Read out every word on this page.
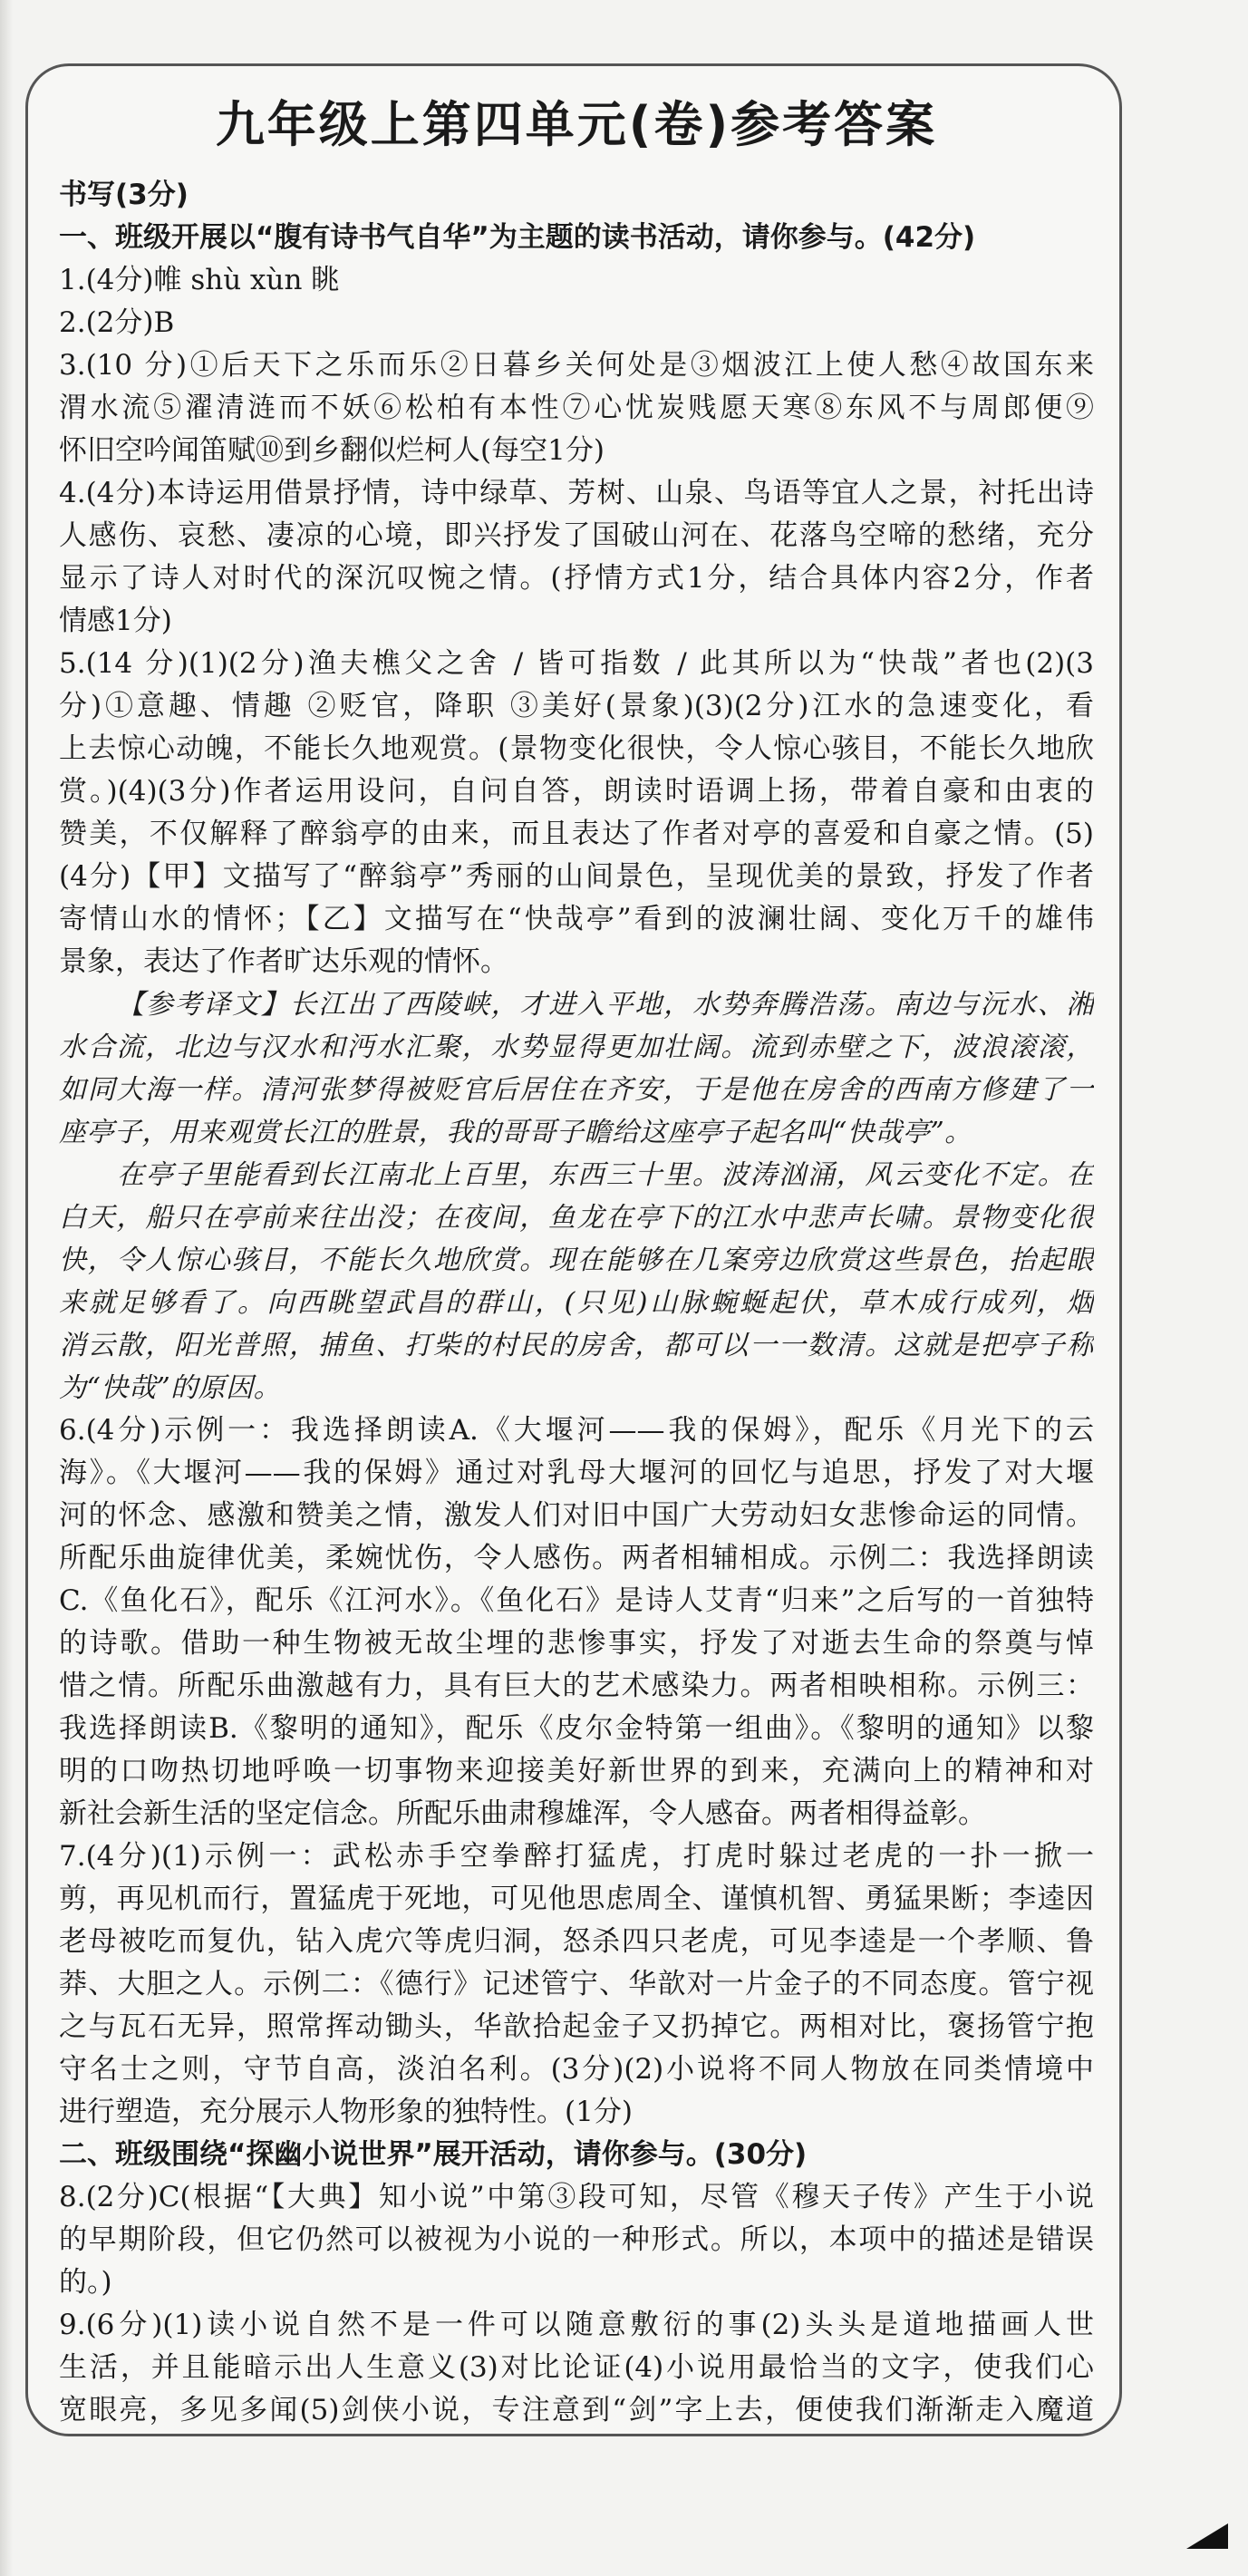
九年级上第四单元(卷)参考答案
书写(3分)
一、班级开展以“腹有诗书气自华”为主题的读书活动，请你参与。(42分)
1.(4分)帷 shù xùn 眺
2.(2分)B
3.(10 分)①后天下之乐而乐②日暮乡关何处是③烟波江上使人愁④故国东来
渭水流⑤濯清涟而不妖⑥松柏有本性⑦心忧炭贱愿天寒⑧东风不与周郎便⑨
怀旧空吟闻笛赋⑩到乡翻似烂柯人(每空1分)
4.(4分)本诗运用借景抒情，诗中绿草、芳树、山泉、鸟语等宜人之景，衬托出诗
人感伤、哀愁、凄凉的心境，即兴抒发了国破山河在、花落鸟空啼的愁绪，充分
显示了诗人对时代的深沉叹惋之情。(抒情方式1分，结合具体内容2分，作者
情感1分)
5.(14 分)(1)(2分)渔夫樵父之舍 / 皆可指数 / 此其所以为“快哉”者也(2)(3
分)①意趣、情趣 ②贬官，降职 ③美好(景象)(3)(2分)江水的急速变化，看
上去惊心动魄，不能长久地观赏。(景物变化很快，令人惊心骇目，不能长久地欣
赏。)(4)(3分)作者运用设问，自问自答，朗读时语调上扬，带着自豪和由衷的
赞美，不仅解释了醉翁亭的由来，而且表达了作者对亭的喜爱和自豪之情。(5)
(4分)【甲】文描写了“醉翁亭”秀丽的山间景色，呈现优美的景致，抒发了作者
寄情山水的情怀；【乙】文描写在“快哉亭”看到的波澜壮阔、变化万千的雄伟
景象，表达了作者旷达乐观的情怀。
【参考译文】长江出了西陵峡，才进入平地，水势奔腾浩荡。南边与沅水、湘
水合流，北边与汉水和沔水汇聚，水势显得更加壮阔。流到赤壁之下，波浪滚滚，
如同大海一样。清河张梦得被贬官后居住在齐安，于是他在房舍的西南方修建了一
座亭子，用来观赏长江的胜景，我的哥哥子瞻给这座亭子起名叫“快哉亭”。
在亭子里能看到长江南北上百里，东西三十里。波涛汹涌，风云变化不定。在
白天，船只在亭前来往出没；在夜间，鱼龙在亭下的江水中悲声长啸。景物变化很
快，令人惊心骇目，不能长久地欣赏。现在能够在几案旁边欣赏这些景色，抬起眼
来就足够看了。向西眺望武昌的群山，(只见)山脉蜿蜒起伏，草木成行成列，烟
消云散，阳光普照，捕鱼、打柴的村民的房舍，都可以一一数清。这就是把亭子称
为“快哉”的原因。
6.(4分)示例一：我选择朗读A.《大堰河——我的保姆》，配乐《月光下的云
海》。《大堰河——我的保姆》通过对乳母大堰河的回忆与追思，抒发了对大堰
河的怀念、感激和赞美之情，激发人们对旧中国广大劳动妇女悲惨命运的同情。
所配乐曲旋律优美，柔婉忧伤，令人感伤。两者相辅相成。示例二：我选择朗读
C.《鱼化石》，配乐《江河水》。《鱼化石》是诗人艾青“归来”之后写的一首独特
的诗歌。借助一种生物被无故尘埋的悲惨事实，抒发了对逝去生命的祭奠与悼
惜之情。所配乐曲激越有力，具有巨大的艺术感染力。两者相映相称。示例三：
我选择朗读B.《黎明的通知》，配乐《皮尔金特第一组曲》。《黎明的通知》以黎
明的口吻热切地呼唤一切事物来迎接美好新世界的到来，充满向上的精神和对
新社会新生活的坚定信念。所配乐曲肃穆雄浑，令人感奋。两者相得益彰。
7.(4分)(1)示例一：武松赤手空拳醉打猛虎，打虎时躲过老虎的一扑一掀一
剪，再见机而行，置猛虎于死地，可见他思虑周全、谨慎机智、勇猛果断；李逵因
老母被吃而复仇，钻入虎穴等虎归洞，怒杀四只老虎，可见李逵是一个孝顺、鲁
莽、大胆之人。示例二：《德行》记述管宁、华歆对一片金子的不同态度。管宁视
之与瓦石无异，照常挥动锄头，华歆拾起金子又扔掉它。两相对比，褒扬管宁抱
守名士之则，守节自高，淡泊名利。(3分)(2)小说将不同人物放在同类情境中
进行塑造，充分展示人物形象的独特性。(1分)
二、班级围绕“探幽小说世界”展开活动，请你参与。(30分)
8.(2分)C(根据“【大典】知小说”中第③段可知，尽管《穆天子传》产生于小说
的早期阶段，但它仍然可以被视为小说的一种形式。所以，本项中的描述是错误
的。)
9.(6分)(1)读小说自然不是一件可以随意敷衍的事(2)头头是道地描画人世
生活，并且能暗示出人生意义(3)对比论证(4)小说用最恰当的文字，使我们心
宽眼亮，多见多闻(5)剑侠小说，专注意到“剑”字上去，便使我们渐渐走入魔道
